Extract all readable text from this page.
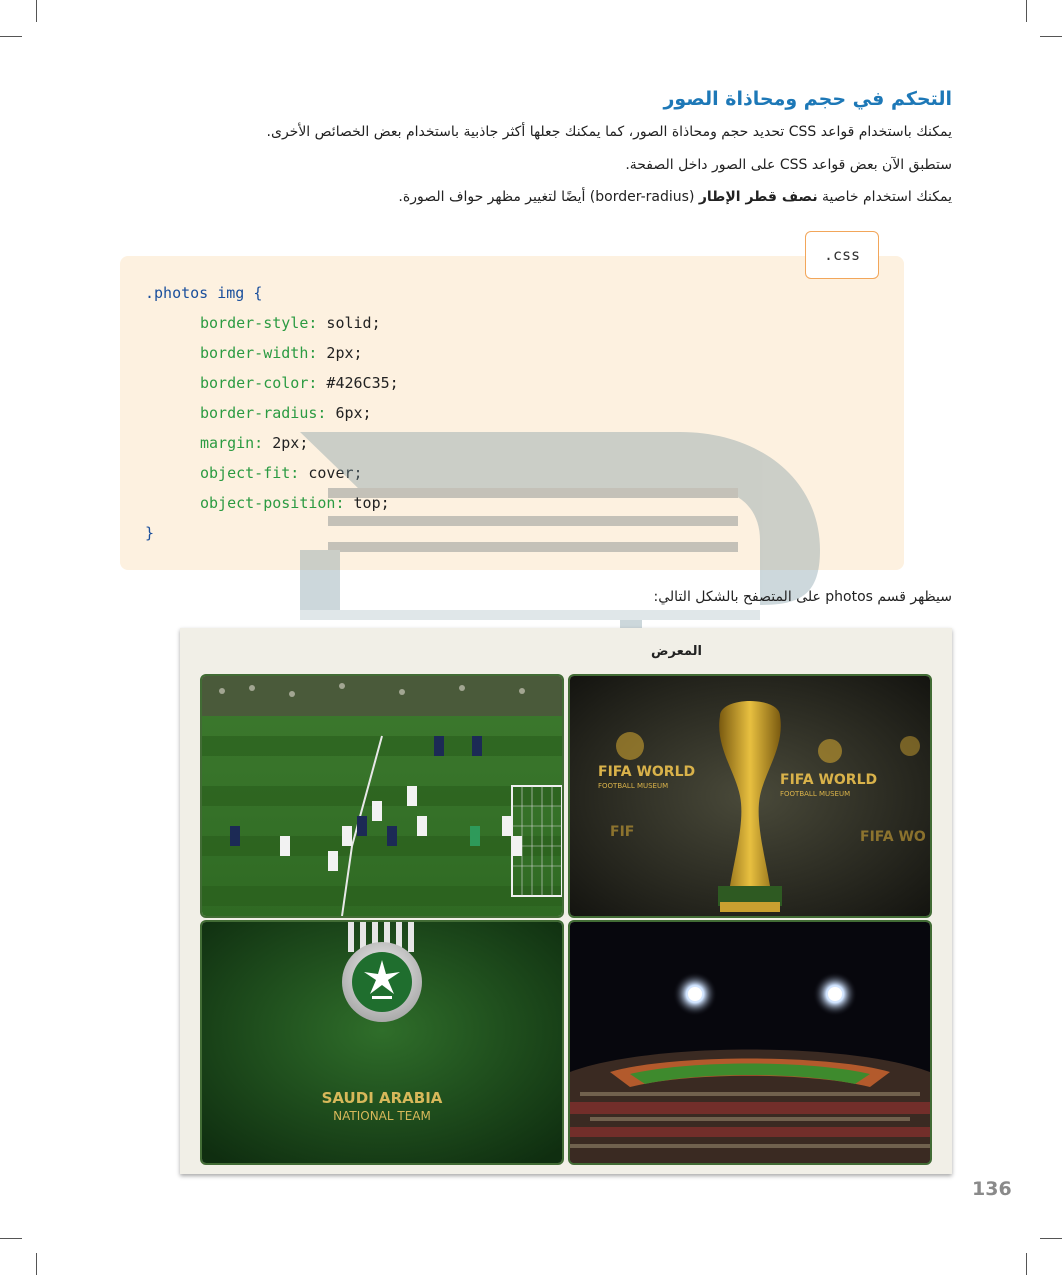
التحكم في حجم ومحاذاة الصور
يمكنك باستخدام قواعد CSS تحديد حجم ومحاذاة الصور، كما يمكنك جعلها أكثر جاذبية باستخدام بعض الخصائص الأخرى.
ستطبق الآن بعض قواعد CSS على الصور داخل الصفحة.
يمكنك استخدام خاصية نصف قطر الإطار (border-radius) أيضًا لتغيير مظهر حواف الصورة.
.css
.photos img {
border-style: solid;
border-width: 2px;
border-color: #426C35;
border-radius: 6px;
margin: 2px;
object-fit: cover;
object-position: top;
}
سيظهر قسم photos على المتصفح بالشكل التالي:
المعرض
FIFA WORLD
FOOTBALL MUSEUM	FIFA WORLD
FOOTBALL MUSEUM
FIF	FIFA WO
SAUDI ARABIA
NATIONAL TEAM
136
